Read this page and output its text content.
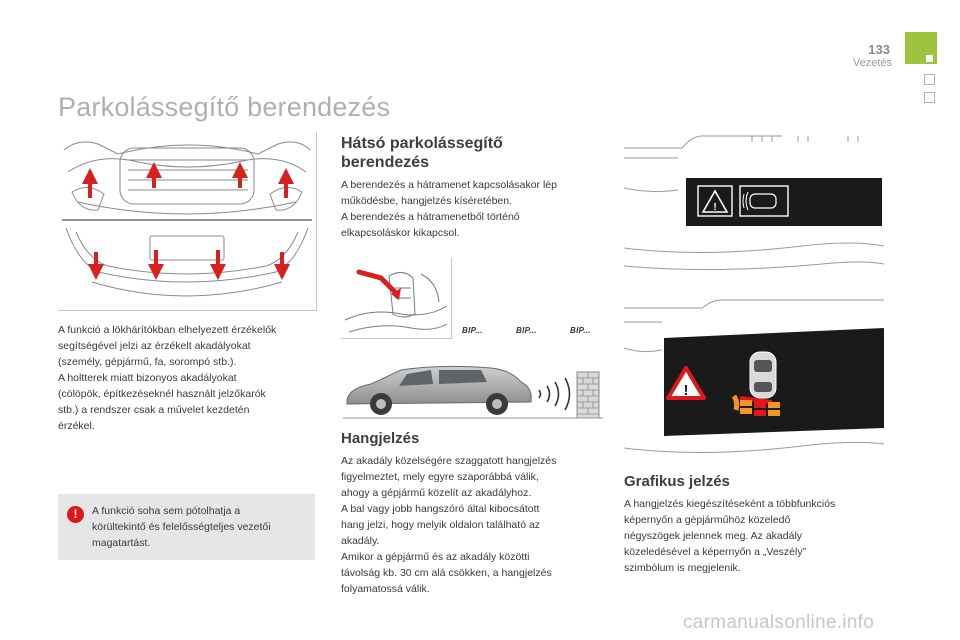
133
Vezetés
Parkolássegítő berendezés

A funkció a lökhárítókban elhelyezett érzékelők

segítségével jelzi az érzékelt akadályokat

(személy, gépjármű, fa, sorompó stb.).

A holtterek miatt bizonyos akadályokat

(cölöpök, építkezéseknél használt jelzőkarók

stb.) a rendszer csak a művelet kezdetén

érzékel.

!	A funkció soha sem pótolhatja a
körültekintő és felelősségteljes vezetői
magatartást.
Hátsó parkolássegítő
berendezés

A berendezés a hátramenet kapcsolásakor lép

működésbe, hangjelzés kíséretében.

A berendezés a hátramenetből történő

elkapcsoláskor kikapcsol.

BIP...	BIP...	BIP...
Hangjelzés

Az akadály közelségére szaggatott hangjelzés

figyelmeztet, mely egyre szaporábbá válik,

ahogy a gépjármű közelít az akadályhoz.

A bal vagy jobb hangszóró által kibocsátott

hang jelzi, hogy melyik oldalon található az

akadály.

Amikor a gépjármű és az akadály közötti

távolság kb. 30 cm alá csökken, a hangjelzés

folyamatossá válik.

!
!
Grafikus jelzés

A hangjelzés kiegészítéseként a többfunkciós

képernyőn a gépjárműhöz közeledő

négyszögek jelennek meg. Az akadály

közeledésével a képernyőn a „Veszély”

szimbólum is megjelenik.

carmanualsonline.info
